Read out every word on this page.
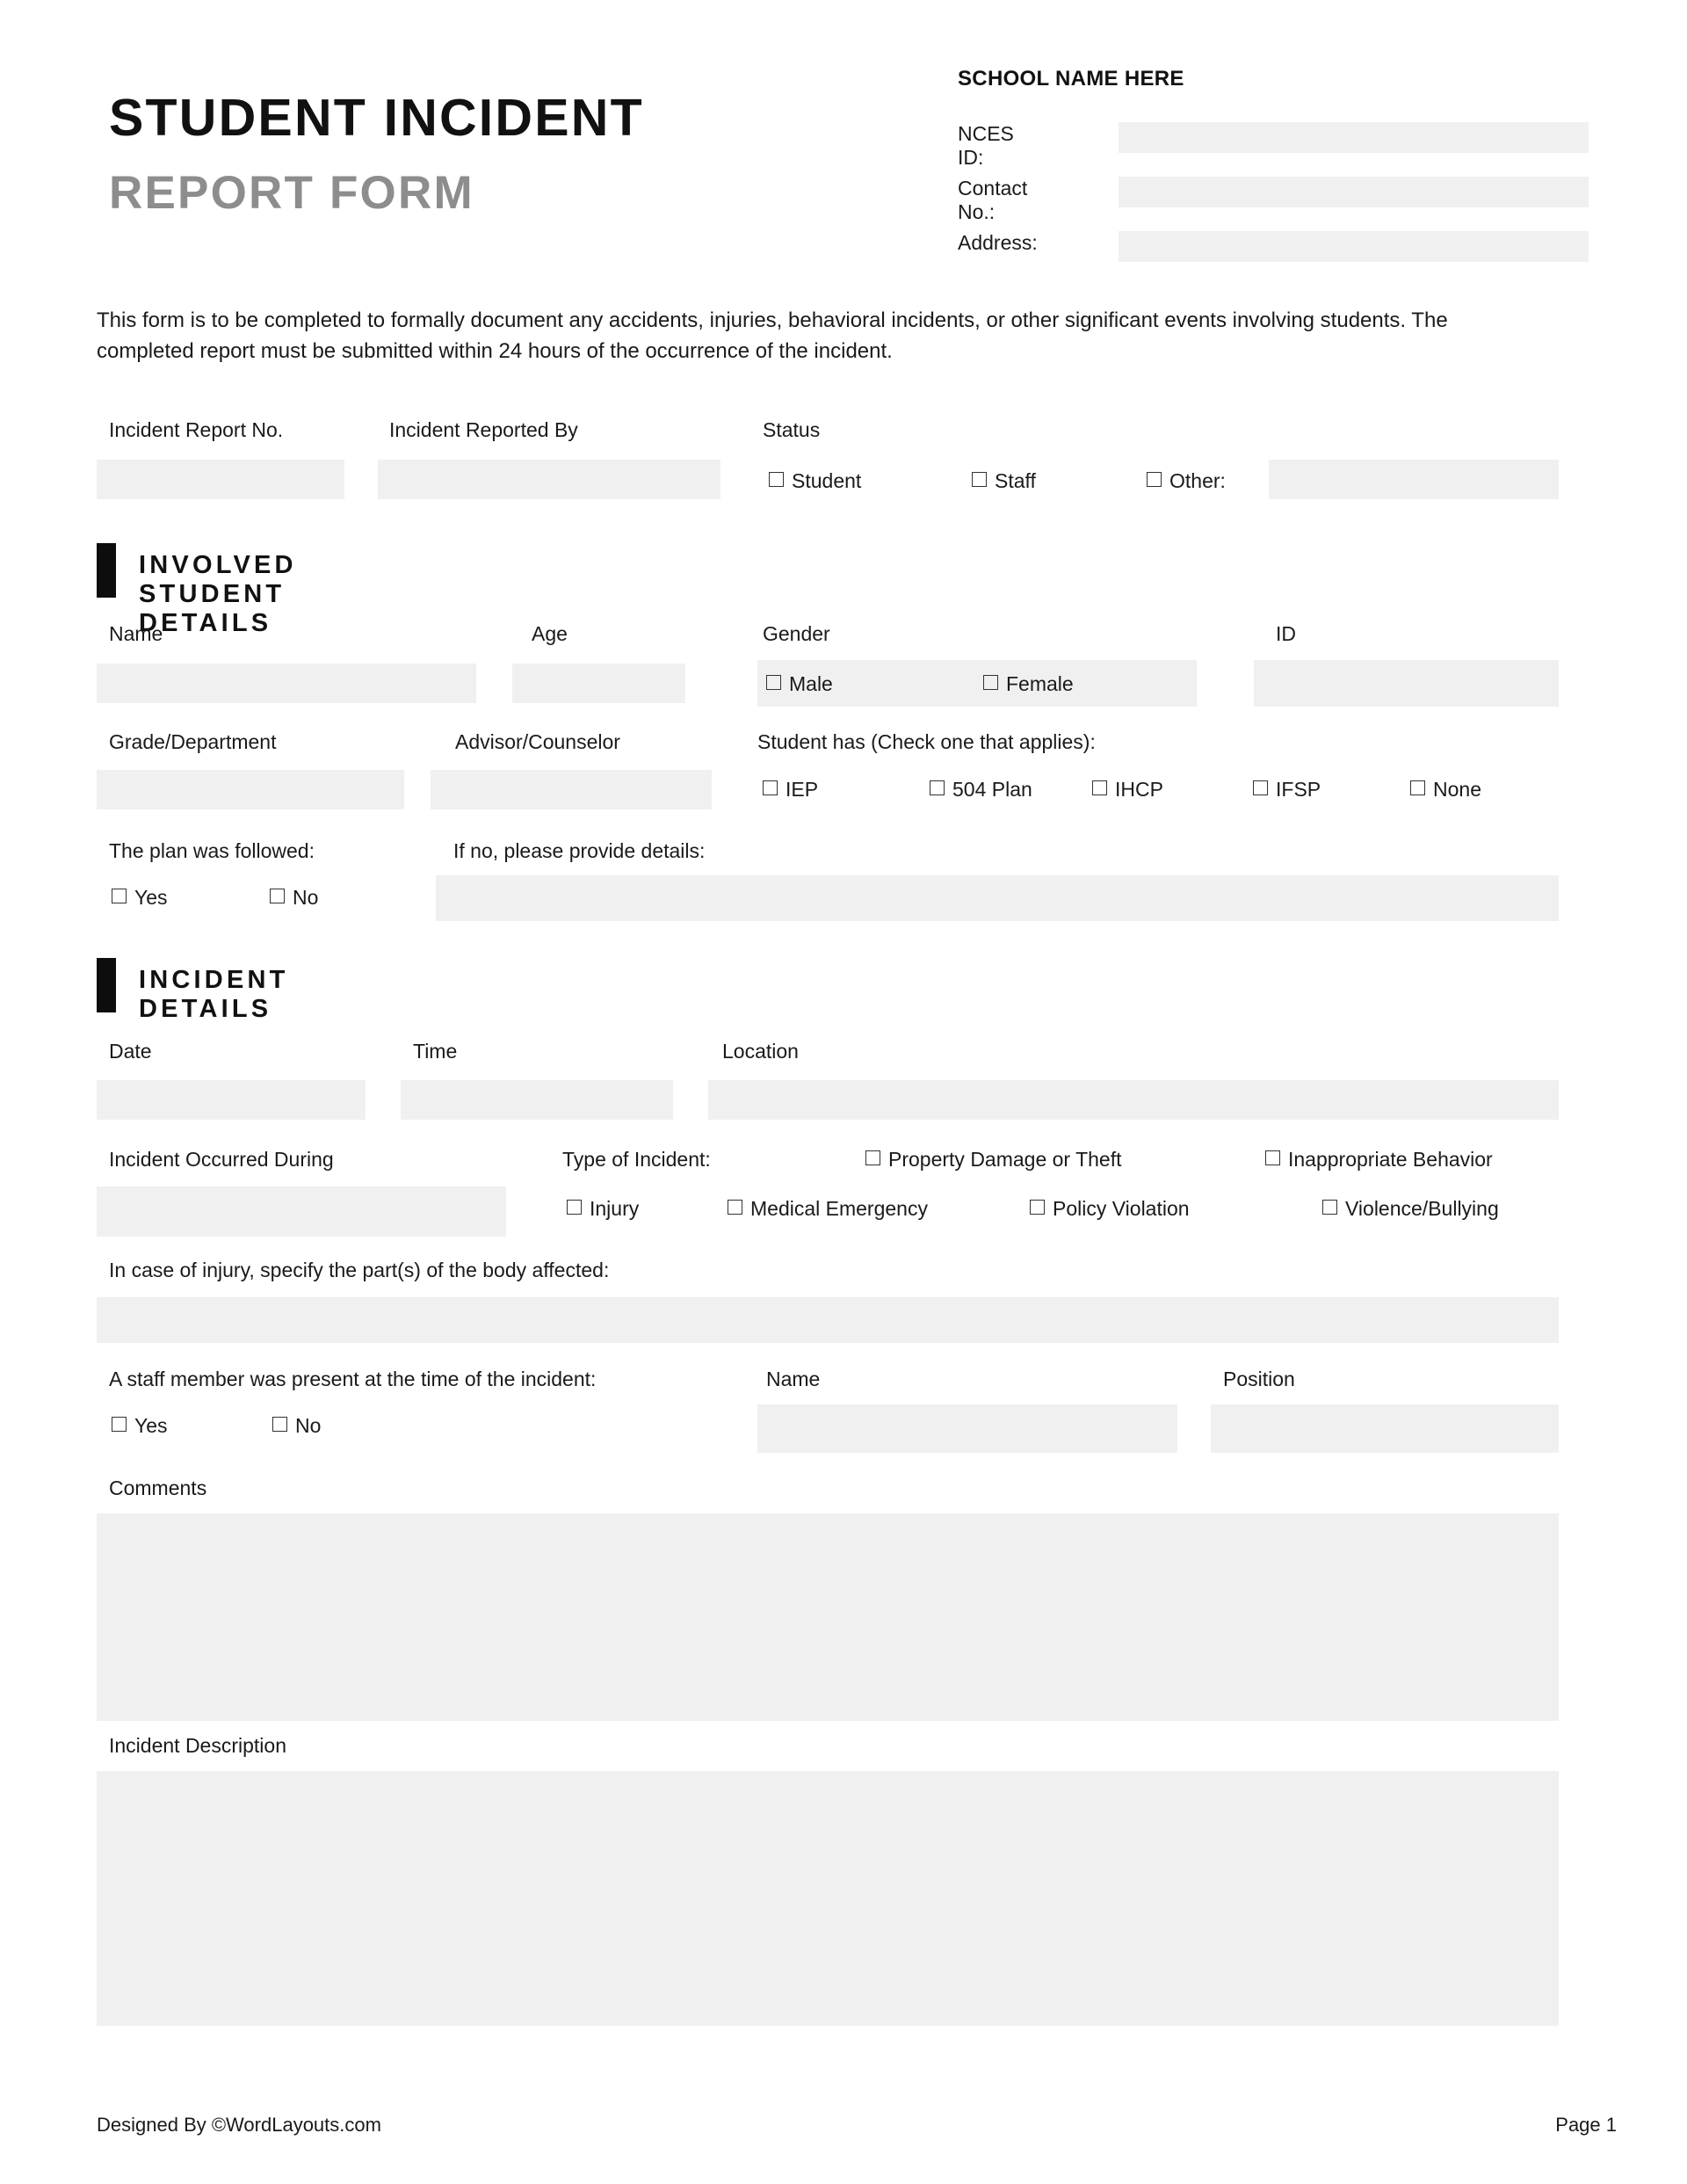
STUDENT INCIDENT
REPORT FORM
SCHOOL NAME HERE
NCES ID:
Contact No.:
Address:
This form is to be completed to formally document any accidents, injuries, behavioral incidents, or other significant events involving students. The completed report must be submitted within 24 hours of the occurrence of the incident.
Incident Report No.	Incident Reported By	Status
Student	Staff	Other:
INVOLVED STUDENT DETAILS
Name	Age	Gender
Male	Female
ID
Grade/Department	Advisor/Counselor	Student has (Check one that applies):
IEP	504 Plan	IHCP	IFSP	None
The plan was followed:
Yes	No
If no, please provide details:
INCIDENT DETAILS
Date	Time	Location
Incident Occurred During	Type of Incident:	Property Damage or Theft	Inappropriate Behavior
Injury	Medical Emergency	Policy Violation	Violence/Bullying
In case of injury, specify the part(s) of the body affected:
A staff member was present at the time of the incident:
Yes	No
Name	Position
Comments
Incident Description
Designed By ©WordLayouts.com	Page 1
